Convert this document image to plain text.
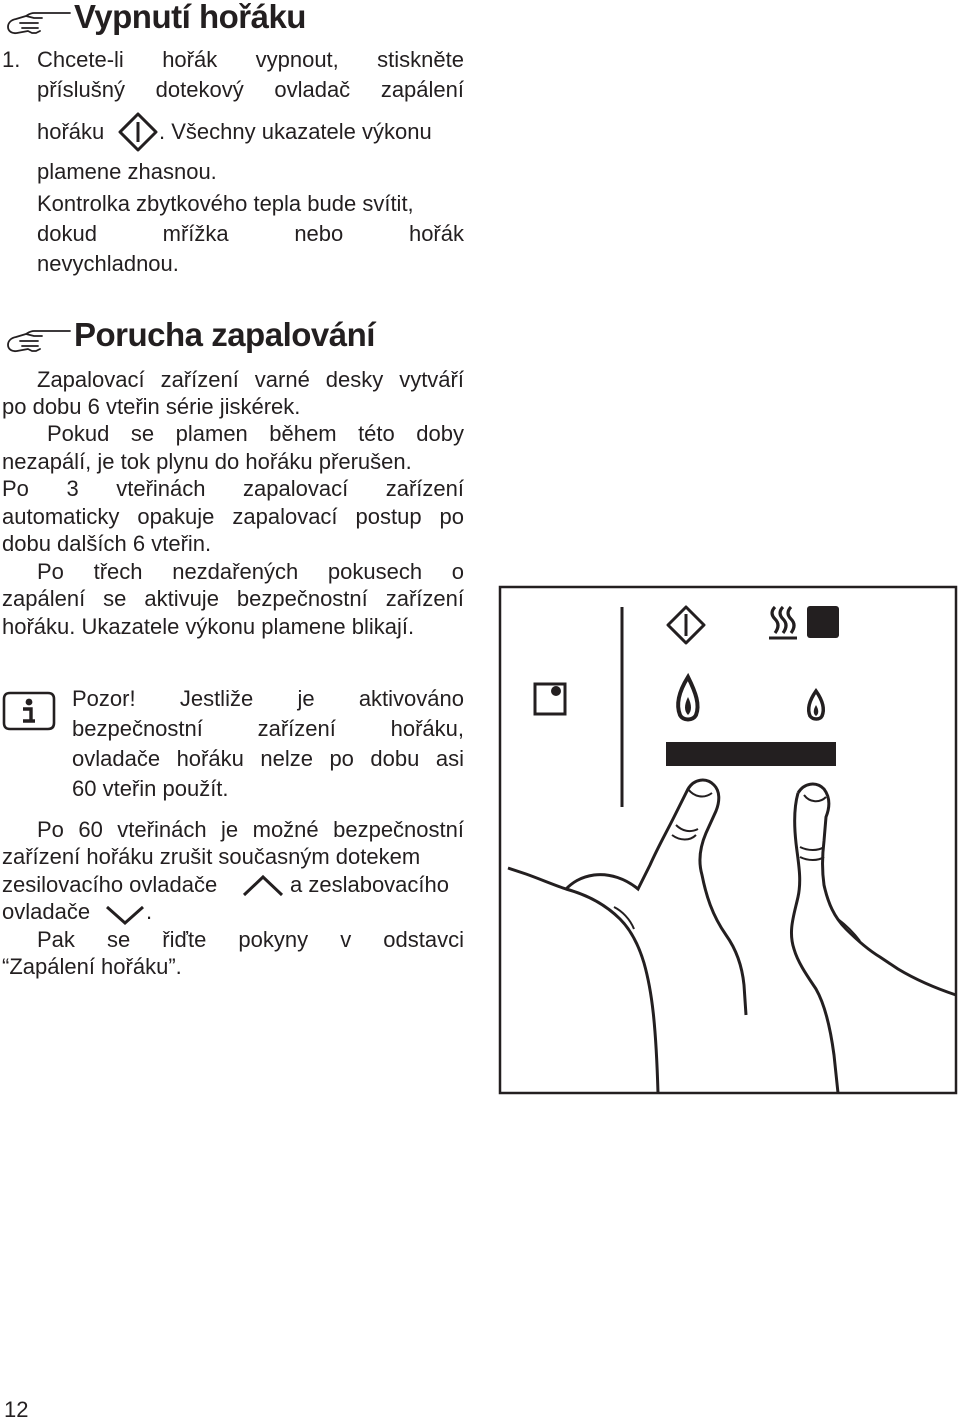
Vypnutí hořáku
1. Chcete-li hořák vypnout, stiskněte
příslušný dotekový ovladač zapálení
hořáku . Všechny ukazatele výkonu
plamene zhasnou.
Kontrolka zbytkového tepla bude svítit,
dokud mřížka nebo hořák
nevychladnou.
Porucha zapalování
Zapalovací zařízení varné desky vytváří
po dobu 6 vteřin série jiskérek.
Pokud se plamen během této doby
nezapálí, je tok plynu do hořáku přerušen.
Po 3 vteřinách zapalovací zařízení
automaticky opakuje zapalovací postup po
dobu dalších 6 vteřin.
Po třech nezdařených pokusech o
zapálení se aktivuje bezpečnostní zařízení
hořáku. Ukazatele výkonu plamene blikají.
Pozor! Jestliže je aktivováno
bezpečnostní zařízení hořáku,
ovladače hořáku nelze po dobu asi
60 vteřin použít.
Po 60 vteřinách je možné bezpečnostní
zařízení hořáku zrušit současným dotekem
zesilovacího ovladače	a zeslabovacího
ovladače	.
Pak se řiďte pokyny v odstavci
“Zapálení hořáku”.
12
